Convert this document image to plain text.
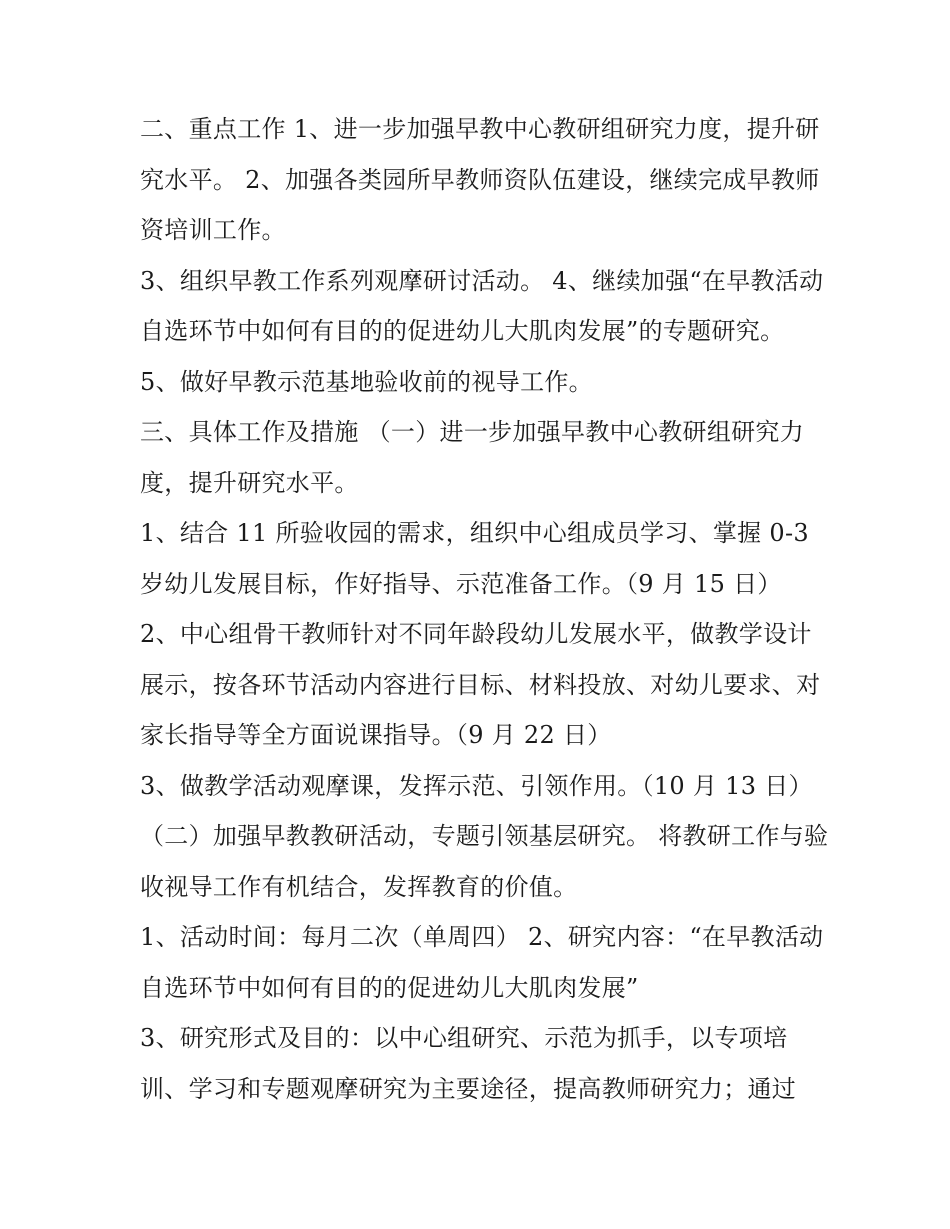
二、重点工作 1、进一步加强早教中心教研组研究力度，提升研究水平。 2、加强各类园所早教师资队伍建设，继续完成早教师资培训工作。

3、组织早教工作系列观摩研讨活动。 4、继续加强“在早教活动自选环节中如何有目的的促进幼儿大肌肉发展”的专题研究。 5、做好早教示范基地验收前的视导工作。

三、具体工作及措施 （一）进一步加强早教中心教研组研究力度，提升研究水平。

1、结合 11 所验收园的需求，组织中心组成员学习、掌握 0-3 岁幼儿发展目标，作好指导、示范准备工作。（9 月 15 日）

2、中心组骨干教师针对不同年龄段幼儿发展水平，做教学设计展示，按各环节活动内容进行目标、材料投放、对幼儿要求、对家长指导等全方面说课指导。（9 月 22 日）

3、做教学活动观摩课，发挥示范、引领作用。（10 月 13 日）

（二）加强早教教研活动，专题引领基层研究。 将教研工作与验收视导工作有机结合，发挥教育的价值。

1、活动时间：每月二次（单周四） 2、研究内容：“在早教活动自选环节中如何有目的的促进幼儿大肌肉发展”

3、研究形式及目的：以中心组研究、示范为抓手，以专项培训、学习和专题观摩研究为主要途径，提高教师研究力；通过
